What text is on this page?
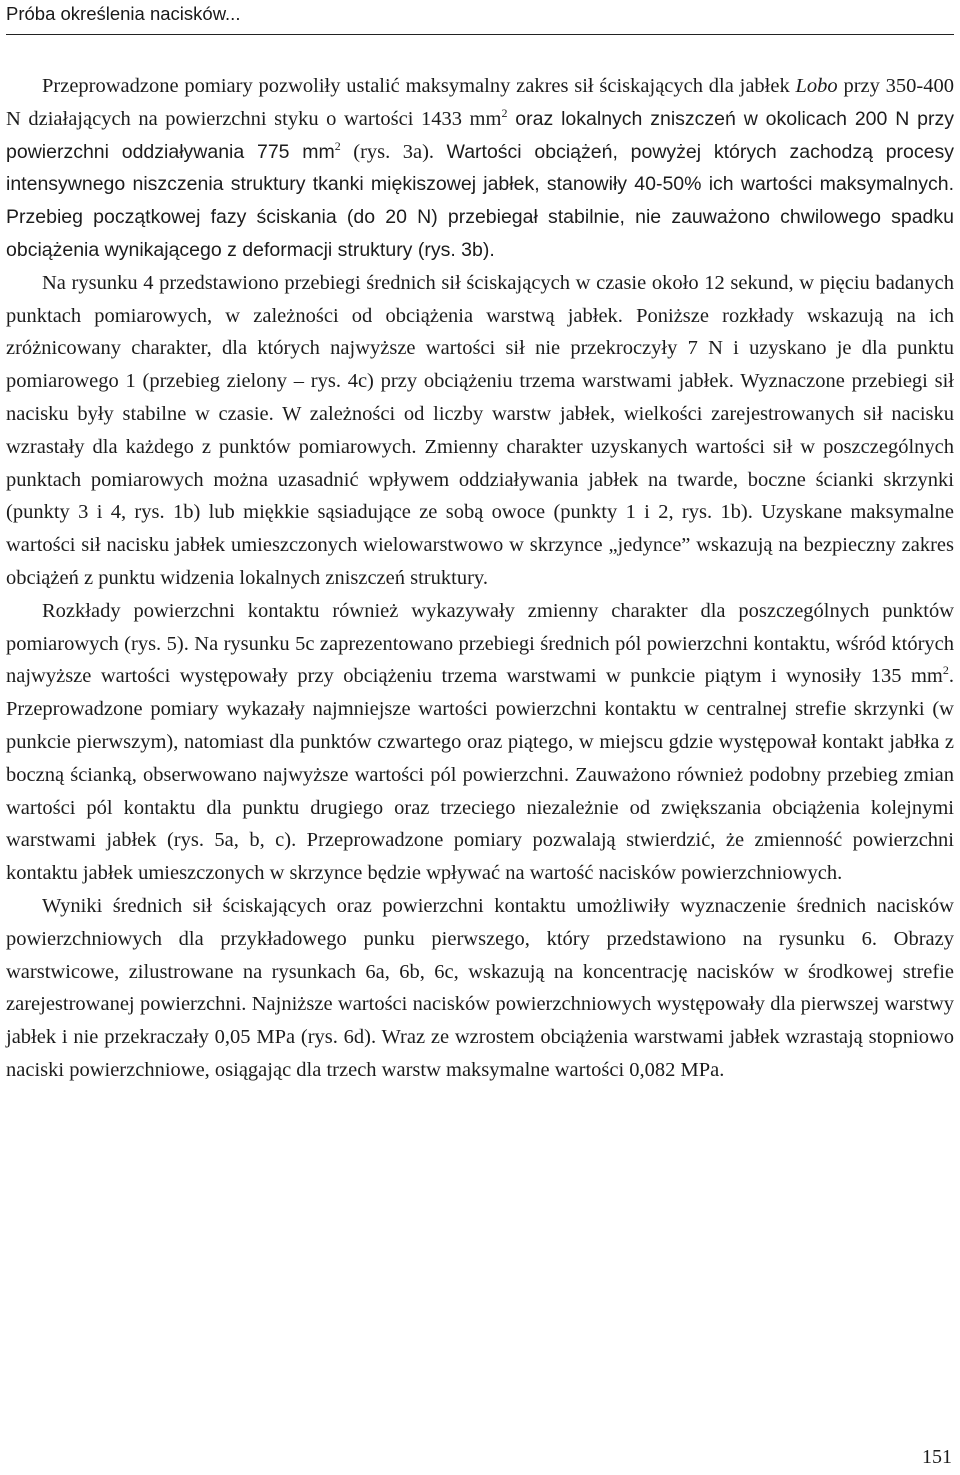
Próba określenia nacisków...

Przeprowadzone pomiary pozwoliły ustalić maksymalny zakres sił ściskających dla jabłek Lobo przy 350-400 N działających na powierzchni styku o wartości 1433 $mm^2$ oraz lokalnych zniszczeń w okolicach 200 N przy powierzchni oddziaływania 775 $mm^2$ (rys. 3a). Wartości obciążeń, powyżej których zachodzą procesy intensywnego niszczenia struktury tkanki miękiszowej jabłek, stanowiły 40-50% ich wartości maksymalnych. Przebieg początkowej fazy ściskania (do 20 N) przebiegał stabilnie, nie zauważono chwilowego spadku obciążenia wynikającego z deformacji struktury (rys. 3b).

Na rysunku 4 przedstawiono przebiegi średnich sił ściskających w czasie około 12 sekund, w pięciu badanych punktach pomiarowych, w zależności od obciążenia warstwą jabłek. Poniższe rozkłady wskazują na ich zróżnicowany charakter, dla których najwyższe wartości sił nie przekroczyły 7 N i uzyskano je dla punktu pomiarowego 1 (przebieg zielony – rys. 4c) przy obciążeniu trzema warstwami jabłek. Wyznaczone przebiegi sił nacisku były stabilne w czasie. W zależności od liczby warstw jabłek, wielkości zarejestrowanych sił nacisku wzrastały dla każdego z punktów pomiarowych. Zmienny charakter uzyskanych wartości sił w poszczególnych punktach pomiarowych można uzasadnić wpływem oddziaływania jabłek na twarde, boczne ścianki skrzynki (punkty 3 i 4, rys. 1b) lub miękkie sąsiadujące ze sobą owoce (punkty 1 i 2, rys. 1b). Uzyskane maksymalne wartości sił nacisku jabłek umieszczonych wielowarstwowo w skrzynce „jedynce” wskazują na bezpieczny zakres obciążeń z punktu widzenia lokalnych zniszczeń struktury.

Rozkłady powierzchni kontaktu również wykazywały zmienny charakter dla poszczególnych punktów pomiarowych (rys. 5). Na rysunku 5c zaprezentowano przebiegi średnich pól powierzchni kontaktu, wśród których najwyższe wartości występowały przy obciążeniu trzema warstwami w punkcie piątym i wynosiły 135 $mm^2$. Przeprowadzone pomiary wykazały najmniejsze wartości powierzchni kontaktu w centralnej strefie skrzynki (w punkcie pierwszym), natomiast dla punktów czwartego oraz piątego, w miejscu gdzie występował kontakt jabłka z boczną ścianką, obserwowano najwyższe wartości pól powierzchni. Zauważono również podobny przebieg zmian wartości pól kontaktu dla punktu drugiego oraz trzeciego niezależnie od zwiększania obciążenia kolejnymi warstwami jabłek (rys. 5a, b, c). Przeprowadzone pomiary pozwalają stwierdzić, że zmienność powierzchni kontaktu jabłek umieszczonych w skrzynce będzie wpływać na wartość nacisków powierzchniowych.

Wyniki średnich sił ściskających oraz powierzchni kontaktu umożliwiły wyznaczenie średnich nacisków powierzchniowych dla przykładowego punku pierwszego, który przedstawiono na rysunku 6. Obrazy warstwicowe, zilustrowane na rysunkach 6a, 6b, 6c, wskazują na koncentrację nacisków w środkowej strefie zarejestrowanej powierzchni. Najniższe wartości nacisków powierzchniowych występowały dla pierwszej warstwy jabłek i nie przekraczały 0,05 MPa (rys. 6d). Wraz ze wzrostem obciążenia warstwami jabłek wzrastają stopniowo naciski powierzchniowe, osiągając dla trzech warstw maksymalne wartości 0,082 MPa.

151
